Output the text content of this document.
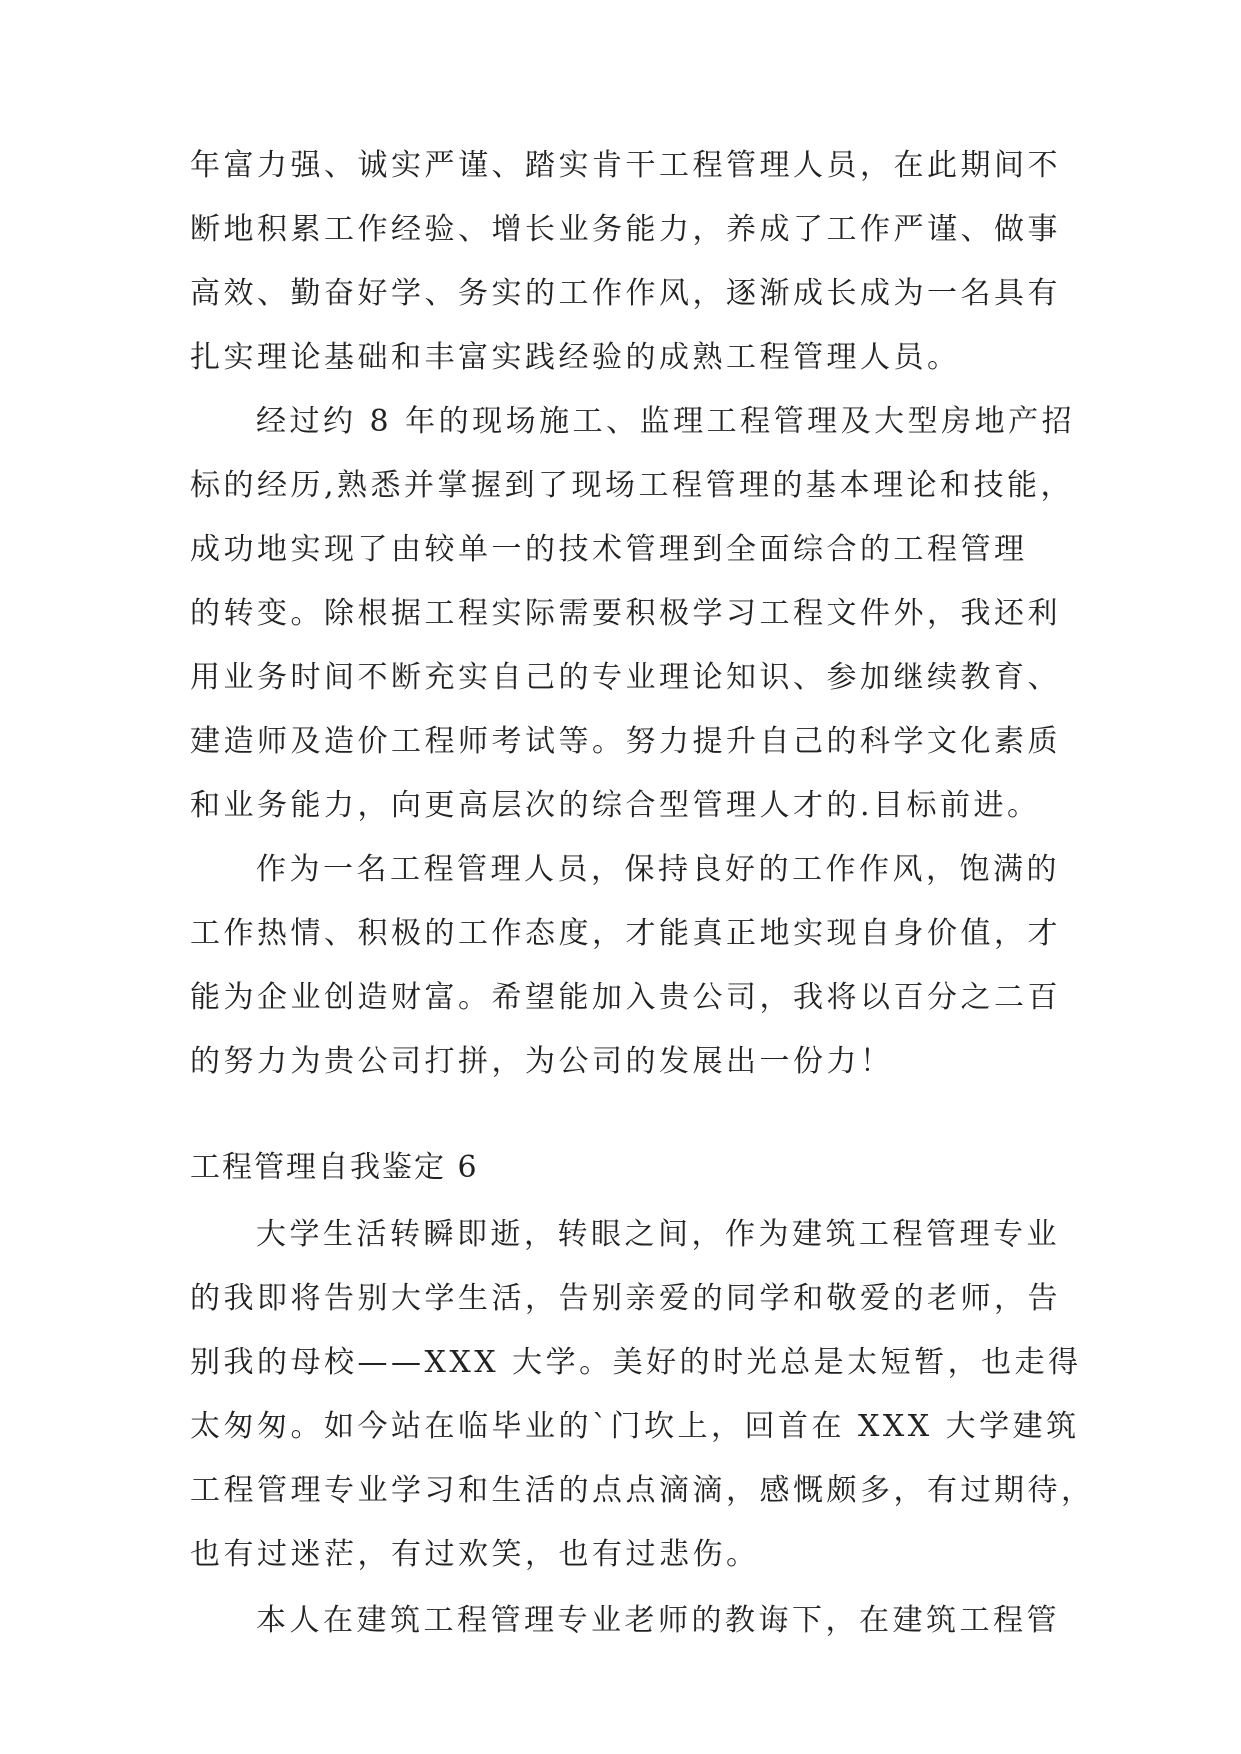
年富力强、诚实严谨、踏实肯干工程管理人员，在此期间不
断地积累工作经验、增长业务能力，养成了工作严谨、做事
高效、勤奋好学、务实的工作作风，逐渐成长成为一名具有
扎实理论基础和丰富实践经验的成熟工程管理人员。
经过约 8 年的现场施工、监理工程管理及大型房地产招
标的经历,熟悉并掌握到了现场工程管理的基本理论和技能，
成功地实现了由较单一的技术管理到全面综合的工程管理
的转变。除根据工程实际需要积极学习工程文件外，我还利
用业务时间不断充实自己的专业理论知识、参加继续教育、
建造师及造价工程师考试等。努力提升自己的科学文化素质
和业务能力，向更高层次的综合型管理人才的.目标前进。
作为一名工程管理人员，保持良好的工作作风，饱满的
工作热情、积极的工作态度，才能真正地实现自身价值，才
能为企业创造财富。希望能加入贵公司，我将以百分之二百
的努力为贵公司打拼，为公司的发展出一份力！
工程管理自我鉴定 6
大学生活转瞬即逝，转眼之间，作为建筑工程管理专业
的我即将告别大学生活，告别亲爱的同学和敬爱的老师，告
别我的母校——XXX 大学。美好的时光总是太短暂，也走得
太匆匆。如今站在临毕业的`门坎上，回首在 XXX 大学建筑
工程管理专业学习和生活的点点滴滴，感慨颇多，有过期待，
也有过迷茫，有过欢笑，也有过悲伤。
本人在建筑工程管理专业老师的教诲下，在建筑工程管
